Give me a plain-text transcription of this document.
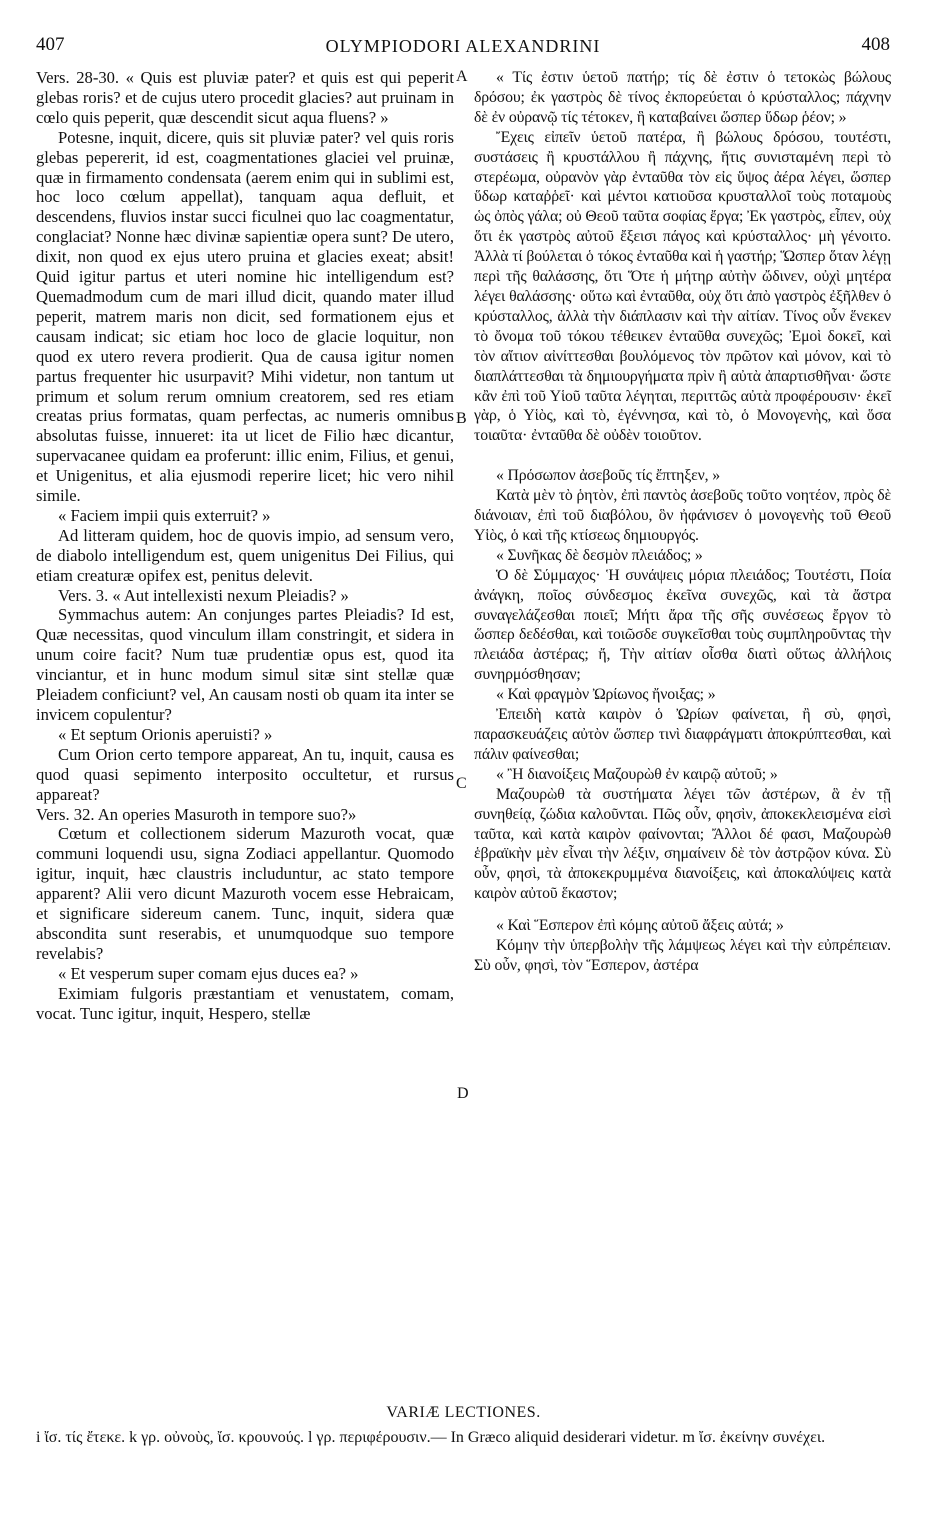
407	OLYMPIODORI ALEXANDRINI	408

Vers. 28-30. « Quis est pluviæ pater? et quis est qui peperit glebas roris? et de cujus utero procedit glacies? aut pruinam in cœlo quis peperit, quæ descendit sicut aqua fluens? »

Potesne, inquit, dicere, quis sit pluviæ pater? vel quis roris glebas pepererit, id est, coagmentationes glaciei vel pruinæ, quæ in firmamento condensata (aerem enim qui in sublimi est, hoc loco cœlum appellat), tanquam aqua defluit, et descendens, fluvios instar succi ficulnei quo lac coagmentatur, conglaciat? Nonne hæc divinæ sapientiæ opera sunt? De utero, dixit, non quod ex ejus utero pruina et glacies exeat; absit! Quid igitur partus et uteri nomine hic intelligendum est? Quemadmodum cum de mari illud dicit, quando mater illud peperit, matrem maris non dicit, sed formationem ejus et causam indicat; sic etiam hoc loco de glacie loquitur, non quod ex utero revera prodierit. Qua de causa igitur nomen partus frequenter hic usurpavit? Mihi videtur, non tantum ut primum et solum rerum omnium creatorem, sed res etiam creatas prius formatas, quam perfectas, ac numeris omnibus absolutas fuisse, innueret: ita ut licet de Filio hæc dicantur, supervacanee quidam ea proferunt: illic enim, Filius, et genui, et Unigenitus, et alia ejusmodi reperire licet; hic vero nihil simile.

« Faciem impii quis exterruit? »

Ad litteram quidem, hoc de quovis impio, ad sensum vero, de diabolo intelligendum est, quem unigenitus Dei Filius, qui etiam creaturæ opifex est, penitus delevit.

Vers. 3. « Aut intellexisti nexum Pleiadis? »

Symmachus autem: An conjunges partes Pleiadis? Id est, Quæ necessitas, quod vinculum illam constringit, et sidera in unum coire facit? Num tuæ prudentiæ opus est, quod ita vinciantur, et in hunc modum simul sitæ sint stellæ quæ Pleiadem conficiunt? vel, An causam nosti ob quam ita inter se invicem copulentur?

« Et septum Orionis aperuisti? »

Cum Orion certo tempore appareat, An tu, inquit, causa es quod quasi sepimento interposito occultetur, et rursus appareat?

Vers. 32. An operies Masuroth in tempore suo?»

Cœtum et collectionem siderum Mazuroth vocat, quæ communi loquendi usu, signa Zodiaci appellantur. Quomodo igitur, inquit, hæc claustris includuntur, ac stato tempore apparent? Alii vero dicunt Mazuroth vocem esse Hebraicam, et significare sidereum canem. Tunc, inquit, sidera quæ abscondita sunt reserabis, et unumquodque suo tempore revelabis?

« Et vesperum super comam ejus duces ea? »

Eximiam fulgoris præstantiam et venustatem, comam, vocat. Tunc igitur, inquit, Hespero, stellæ

A
B
C
D

« Τίς ἐστιν ὑετοῦ πατήρ; τίς δὲ ἐστιν ὁ τετοκὼς βώλους δρόσου; ἐκ γαστρὸς δὲ τίνος ἐκπορεύεται ὁ κρύσταλλος; πάχνην δὲ ἐν οὐρανῷ τίς τέτοκεν, ἣ καταβαίνει ὥσπερ ὕδωρ ῥέον; »

Ἔχεις εἰπεῖν ὑετοῦ πατέρα, ἢ βώλους δρόσου, τουτέστι, συστάσεις ἢ κρυστάλλου ἢ πάχνης, ἥτις συνισταμένη περὶ τὸ στερέωμα, οὐρανὸν γὰρ ἐνταῦθα τὸν εἰς ὕψος ἀέρα λέγει, ὥσπερ ὕδωρ καταῤῥεῖ· καὶ μέντοι κατιοῦσα κρυσταλλοῖ τοὺς ποταμοὺς ὡς ὀπὸς γάλα; οὐ Θεοῦ ταῦτα σοφίας ἔργα; Ἐκ γαστρὸς, εἶπεν, οὐχ ὅτι ἐκ γαστρὸς αὐτοῦ ἔξεισι πάγος καὶ κρύσταλλος· μὴ γένοιτο. Ἀλλὰ τί βούλεται ὁ τόκος ἐνταῦθα καὶ ἡ γαστήρ; Ὥσπερ ὅταν λέγῃ περὶ τῆς θαλάσσης, ὅτι Ὅτε ἡ μήτηρ αὐτὴν ὤδινεν, οὐχὶ μητέρα λέγει θαλάσσης· οὕτω καὶ ἐνταῦθα, οὐχ ὅτι ἀπὸ γαστρὸς ἐξῆλθεν ὁ κρύσταλλος, ἀλλὰ τὴν διάπλασιν καὶ τὴν αἰτίαν. Τίνος οὖν ἕνεκεν τὸ ὄνομα τοῦ τόκου τέθεικεν ἐνταῦθα συνεχῶς; Ἐμοὶ δοκεῖ, καὶ τὸν αἴτιον αἰνίττεσθαι βουλόμενος τὸν πρῶτον καὶ μόνον, καὶ τὸ διαπλάττεσθαι τὰ δημιουργήματα πρὶν ἢ αὐτὰ ἀπαρτισθῆναι· ὥστε κἂν ἐπὶ τοῦ Υἱοῦ ταῦτα λέγηται, περιττῶς αὐτὰ προφέρουσιν· ἐκεῖ γὰρ, ὁ Υἱὸς, καὶ τὸ, ἐγέννησα, καὶ τὸ, ὁ Μονογενὴς, καὶ ὅσα τοιαῦτα· ἐνταῦθα δὲ οὐδὲν τοιοῦτον.

« Πρόσωπον ἀσεβοῦς τίς ἔπτηξεν, »

Κατὰ μὲν τὸ ῥητὸν, ἐπὶ παντὸς ἀσεβοῦς τοῦτο νοητέον, πρὸς δὲ διάνοιαν, ἐπὶ τοῦ διαβόλου, ὃν ἠφάνισεν ὁ μονογενὴς τοῦ Θεοῦ Υἱὸς, ὁ καὶ τῆς κτίσεως δημιουργός.

« Συνῆκας δὲ δεσμὸν πλειάδος; »

Ὁ δὲ Σύμμαχος· Ἡ συνάψεις μόρια πλειάδος; Τουτέστι, Ποία ἀνάγκη, ποῖος σύνδεσμος ἐκεῖνα συνεχῶς, καὶ τὰ ἄστρα συναγελάζεσθαι ποιεῖ; Μήτι ἄρα τῆς σῆς συνέσεως ἔργον τὸ ὥσπερ δεδέσθαι, καὶ τοιῶσδε συγκεῖσθαι τοὺς συμπληροῦντας τὴν πλειάδα ἀστέρας; ἤ, Τὴν αἰτίαν οἶσθα διατὶ οὕτως ἀλλήλοις συνηρμόσθησαν;

« Καὶ φραγμὸν Ὠρίωνος ἤνοιξας; »

Ἐπειδὴ κατὰ καιρὸν ὁ Ὠρίων φαίνεται, ἢ σὺ, φησὶ, παρασκευάζεις αὐτὸν ὥσπερ τινὶ διαφράγματι ἀποκρύπτεσθαι, καὶ πάλιν φαίνεσθαι;

« Ἢ διανοίξεις Μαζουρὼθ ἐν καιρῷ αὐτοῦ; »

Μαζουρὼθ τὰ συστήματα λέγει τῶν ἀστέρων, ἃ ἐν τῇ συνηθείᾳ, ζώδια καλοῦνται. Πῶς οὖν, φησὶν, ἀποκεκλεισμένα εἰσὶ ταῦτα, καὶ κατὰ καιρὸν φαίνονται; Ἄλλοι δέ φασι, Μαζουρὼθ ἑβραϊκὴν μὲν εἶναι τὴν λέξιν, σημαίνειν δὲ τὸν ἀστρῷον κύνα. Σὺ οὖν, φησὶ, τὰ ἀποκεκρυμμένα διανοίξεις, καὶ ἀποκαλύψεις κατὰ καιρὸν αὐτοῦ ἕκαστον;

« Καὶ Ἕσπερον ἐπὶ κόμης αὐτοῦ ἄξεις αὐτά; »

Κόμην τὴν ὑπερβολὴν τῆς λάμψεως λέγει καὶ τὴν εὐπρέπειαν. Σὺ οὖν, φησὶ, τὸν Ἕσπερον, ἀστέρα

VARIÆ LECTIONES.
i ἴσ. τίς ἔτεκε. k γρ. οὐνοὺς, ἴσ. κρουνούς. l γρ. περιφέρουσιν.— In Græco aliquid desiderari videtur. m ἴσ. ἐκείνην συνέχει.
